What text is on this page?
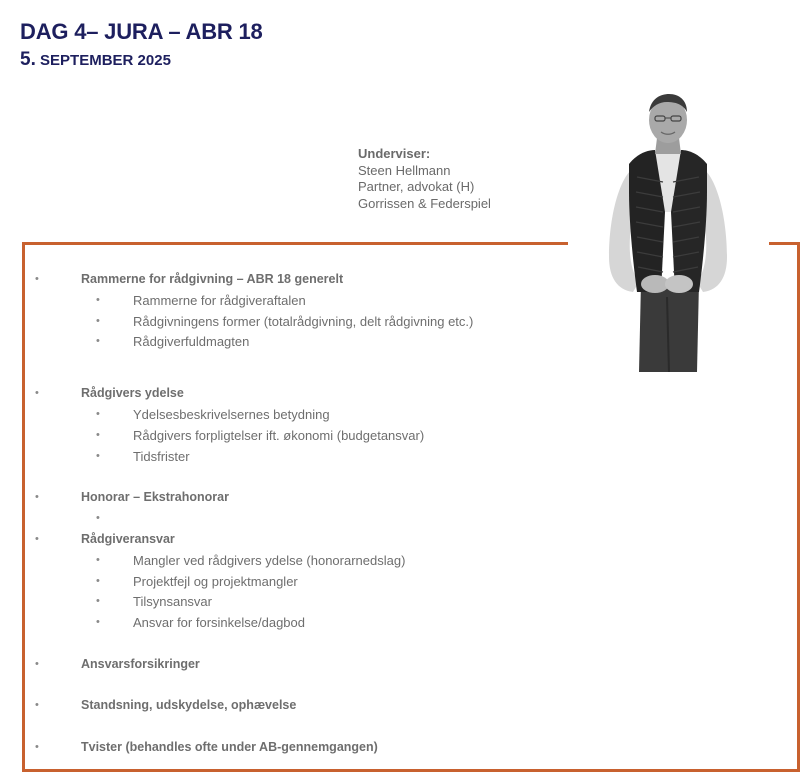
DAG 4– JURA – ABR 18
5. SEPTEMBER 2025
Underviser:
Steen Hellmann
Partner, advokat (H)
Gorrissen & Federspiel
•	Rammerne for rådgivning – ABR 18 generelt
•	Rammerne for rådgiveraftalen
•	Rådgivningens former (totalrådgivning, delt rådgivning etc.)
•	Rådgiverfuldmagten
•	Rådgivers ydelse
•	Ydelsesbeskrivelsernes betydning
•	Rådgivers forpligtelser ift. økonomi (budgetansvar)
•	Tidsfrister
•	Honorar – Ekstrahonorar
•
•	Rådgiveransvar
•	Mangler ved rådgivers ydelse (honorarnedslag)
•	Projektfejl og projektmangler
•	Tilsynsansvar
•	Ansvar for forsinkelse/dagbod
•	Ansvarsforsikringer
•	Standsning, udskydelse, ophævelse
•	Tvister (behandles ofte under AB-gennemgangen)
